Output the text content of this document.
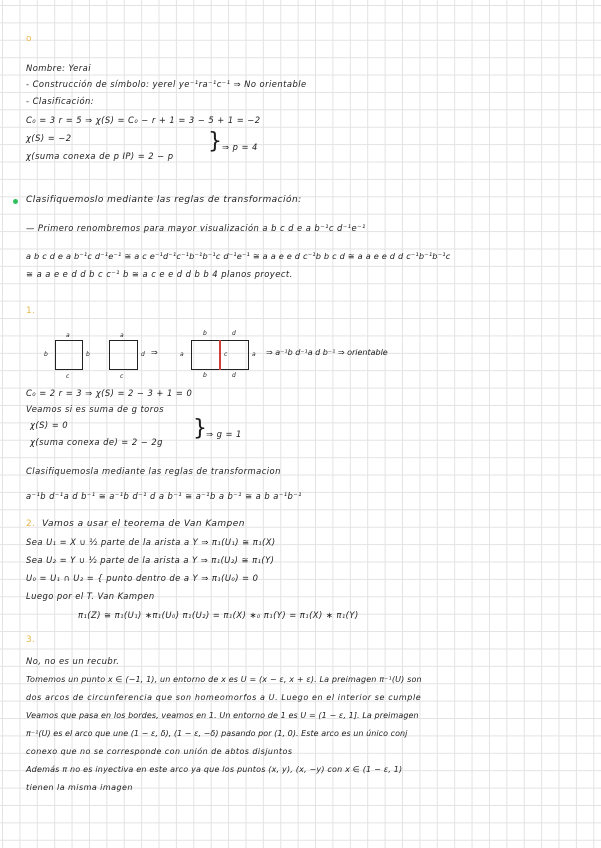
o
Nombre: Yerai
- Construcción de símbolo: yerel ye⁻¹ra⁻¹c⁻¹ ⇒ No orientable
- Clasificación:
C₀ = 3 r = 5 ⇒ χ(S) = C₀ − r + 1 = 3 − 5 + 1 = −2
χ(S) = −2
χ(suma conexa de p IP) = 2 − p
} ⇒ p = 4
Clasifiquemoslo mediante las reglas de transformación:
— Primero renombremos para mayor visualización a b c d e a b⁻¹c d⁻¹e⁻¹
a b c d e a b⁻¹c d⁻¹e⁻¹ ≅ a c e⁻¹d⁻¹c⁻¹b⁻¹b⁻¹c d⁻¹e⁻¹ ≅ a a e e d c⁻¹b b c d ≅ a a e e d d c⁻¹b⁻¹b⁻¹c
≅ a a e e d d b c c⁻¹ b ≅ a c e e d d b b 4 planos proyect.
1.
a
b	b
c
a
d
c
⇒	a
b	d
c	a
b	d
⇒ a⁻¹b d⁻¹a d b⁻¹ ⇒ orientable
C₀ = 2 r = 3 ⇒ χ(S) = 2 − 3 + 1 = 0
Veamos si es suma de g toros
χ(S) = 0
χ(suma conexa de) = 2 − 2g
} ⇒ g = 1
Clasifiquemosla mediante las reglas de transformacion
a⁻¹b d⁻¹a d b⁻¹ ≅ a⁻¹b d⁻¹ d a b⁻¹ ≅ a⁻¹b a b⁻¹ ≅ a b a⁻¹b⁻¹
2. Vamos a usar el teorema de Van Kampen
Sea U₁ = X ∪ ½ parte de la arista a Y ⇒ π₁(U₁) ≅ π₁(X)
Sea U₂ = Y ∪ ½ parte de la arista a Y ⇒ π₁(U₂) ≅ π₁(Y)
U₀ = U₁ ∩ U₂ = { punto dentro de a Y ⇒ π₁(U₀) = 0
Luego por el T. Van Kampen
π₁(Z) ≅ π₁(U₁) ∗π₁(U₀) π₁(U₂) = π₁(X) ∗₀ π₁(Y) = π₁(X) ∗ π₁(Y)
3.
No, no es un recubr.
Tomemos un punto x ∈ (−1, 1), un entorno de x es U = (x − ε, x + ε). La preimagen π⁻¹(U) son
dos arcos de circunferencia que son homeomorfos a U. Luego en el interior se cumple
Veamos que pasa en los bordes, veamos en 1. Un entorno de 1 es U = (1 − ε, 1]. La preimagen
π⁻¹(U) es el arco que une (1 − ε, δ), (1 − ε, −δ) pasando por (1, 0). Este arco es un único conj
conexo que no se corresponde con unión de abtos disjuntos
Además π no es inyectiva en este arco ya que los puntos (x, y), (x, −y) con x ∈ (1 − ε, 1)
tienen la misma imagen
